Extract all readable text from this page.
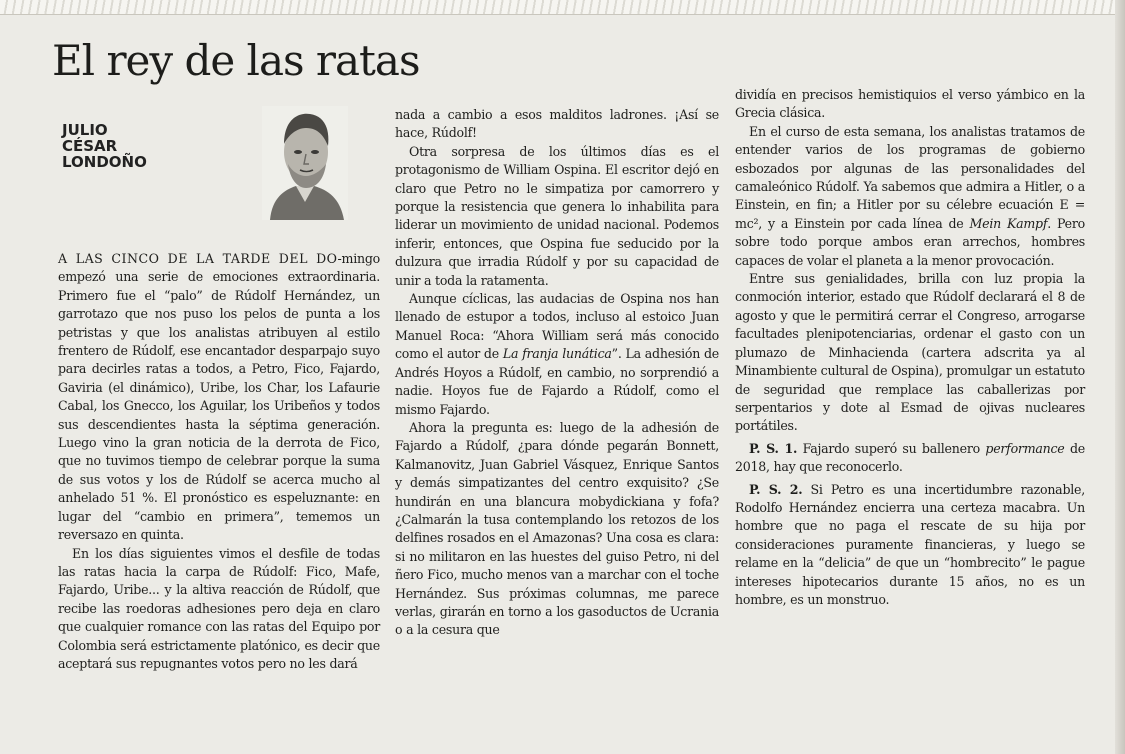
El rey de las ratas
JULIO
CÉSAR
LONDOÑO

A LAS CINCO DE LA TARDE DEL DO-mingo empezó una serie de emociones extraordinaria. Primero fue el “palo” de Rúdolf Hernández, un garrotazo que nos puso los pelos de punta a los petristas y que los analistas atribuyen al estilo frentero de Rúdolf, ese encantador desparpajo suyo para decirles ratas a todos, a Petro, Fico, Fajardo, Gaviria (el dinámico), Uribe, los Char, los Lafaurie Cabal, los Gnecco, los Aguilar, los Uribeños y todos sus descendientes hasta la séptima generación. Luego vino la gran noticia de la derrota de Fico, que no tuvimos tiempo de celebrar porque la suma de sus votos y los de Rúdolf se acerca mucho al anhelado 51 %. El pronóstico es espeluznante: en lugar del “cambio en primera”, tememos un reversazo en quinta.

En los días siguientes vimos el desfile de todas las ratas hacia la carpa de Rúdolf: Fico, Mafe, Fajardo, Uribe... y la altiva reacción de Rúdolf, que recibe las roedoras adhesiones pero deja en claro que cualquier romance con las ratas del Equipo por Colombia será estrictamente platónico, es decir que aceptará sus repugnantes votos pero no les dará

nada a cambio a esos malditos ladrones. ¡Así se hace, Rúdolf!

Otra sorpresa de los últimos días es el protagonismo de William Ospina. El escritor dejó en claro que Petro no le simpatiza por camorrero y porque la resistencia que genera lo inhabilita para liderar un movimiento de unidad nacional. Podemos inferir, entonces, que Ospina fue seducido por la dulzura que irradia Rúdolf y por su capacidad de unir a toda la ratamenta.

Aunque cíclicas, las audacias de Ospina nos han llenado de estupor a todos, incluso al estoico Juan Manuel Roca: “Ahora William será más conocido como el autor de La franja lunática”. La adhesión de Andrés Hoyos a Rúdolf, en cambio, no sorprendió a nadie. Hoyos fue de Fajardo a Rúdolf, como el mismo Fajardo.

Ahora la pregunta es: luego de la adhesión de Fajardo a Rúdolf, ¿para dónde pegarán Bonnett, Kalmanovitz, Juan Gabriel Vásquez, Enrique Santos y demás simpatizantes del centro exquisito? ¿Se hundirán en una blancura mobydickiana y fofa? ¿Calmarán la tusa contemplando los retozos de los delfines rosados en el Amazonas? Una cosa es clara: si no militaron en las huestes del guiso Petro, ni del ñero Fico, mucho menos van a marchar con el toche Hernández. Sus próximas columnas, me parece verlas, girarán en torno a los gasoductos de Ucrania o a la cesura que

dividía en precisos hemistiquios el verso yámbico en la Grecia clásica.

En el curso de esta semana, los analistas tratamos de entender varios de los programas de gobierno esbozados por algunas de las personalidades del camaleónico Rúdolf. Ya sabemos que admira a Hitler, o a Einstein, en fin; a Hitler por su célebre ecuación E = mc², y a Einstein por cada línea de Mein Kampf. Pero sobre todo porque ambos eran arrechos, hombres capaces de volar el planeta a la menor provocación.

Entre sus genialidades, brilla con luz propia la conmoción interior, estado que Rúdolf declarará el 8 de agosto y que le permitirá cerrar el Congreso, arrogarse facultades plenipotenciarias, ordenar el gasto con un plumazo de Minhacienda (cartera adscrita ya al Minambiente cultural de Ospina), promulgar un estatuto de seguridad que remplace las caballerizas por serpentarios y dote al Esmad de ojivas nucleares portátiles.

P. S. 1. Fajardo superó su ballenero performance de 2018, hay que reconocerlo.

P. S. 2. Si Petro es una incertidumbre razonable, Rodolfo Hernández encierra una certeza macabra. Un hombre que no paga el rescate de su hija por consideraciones puramente financieras, y luego se relame en la “delicia” de que un “hombrecito” le pague intereses hipotecarios durante 15 años, no es un hombre, es un monstruo.
